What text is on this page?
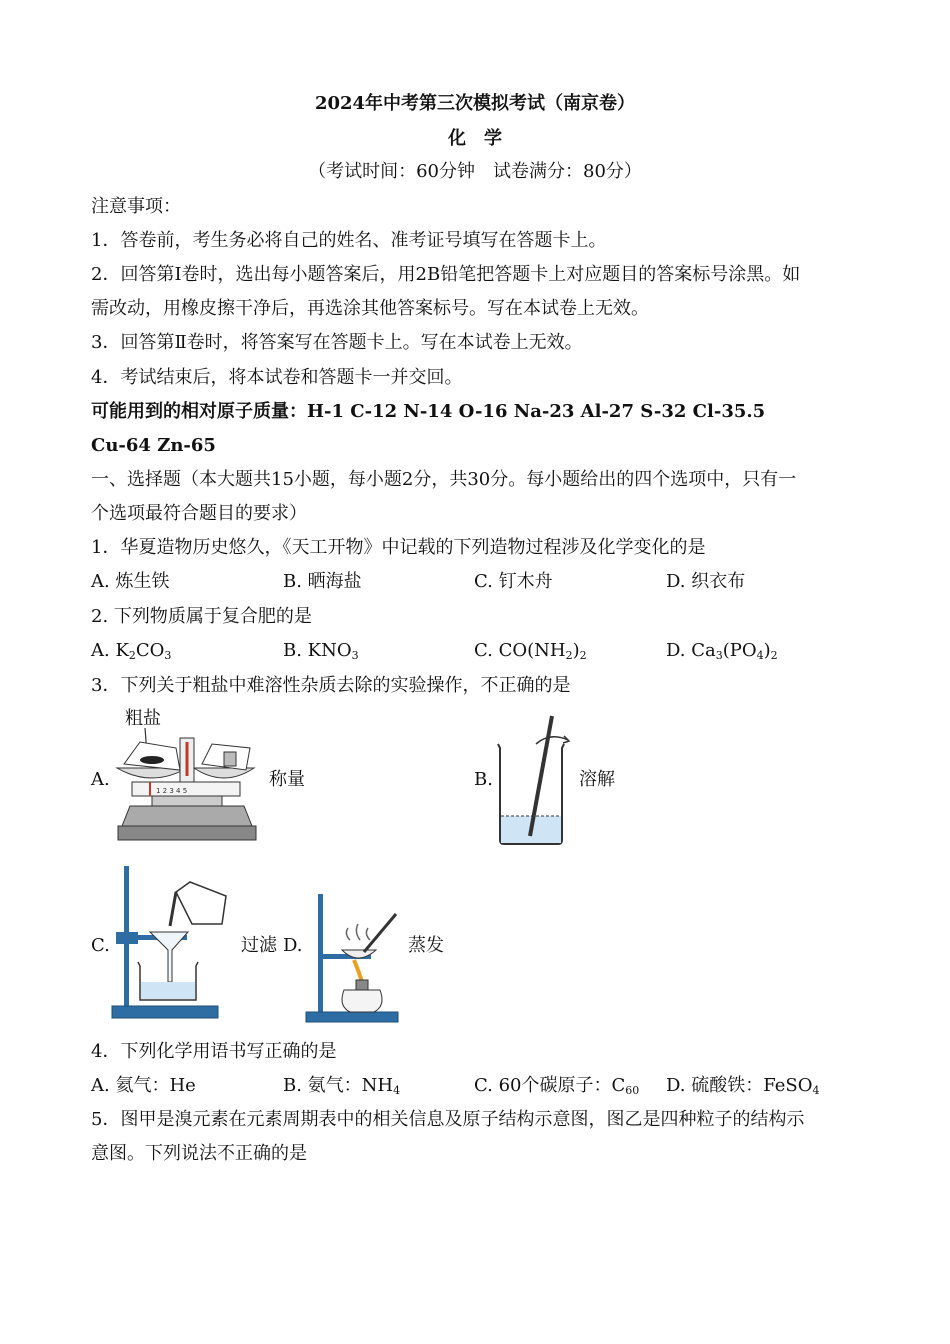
2024年中考第三次模拟考试（南京卷）
化　学
（考试时间：60分钟　试卷满分：80分）
注意事项：
1．答卷前，考生务必将自己的姓名、准考证号填写在答题卡上。
2．回答第Ⅰ卷时，选出每小题答案后，用2B铅笔把答题卡上对应题目的答案标号涂黑。如
需改动，用橡皮擦干净后，再选涂其他答案标号。写在本试卷上无效。
3．回答第Ⅱ卷时，将答案写在答题卡上。写在本试卷上无效。
4．考试结束后，将本试卷和答题卡一并交回。
可能用到的相对原子质量：H-1 C-12 N-14 O-16 Na-23 Al-27 S-32 Cl-35.5
Cu-64 Zn-65
一、选择题（本大题共15小题，每小题2分，共30分。每小题给出的四个选项中，只有一
个选项最符合题目的要求）
1．华夏造物历史悠久，《天工开物》中记载的下列造物过程涉及化学变化的是
A. 炼生铁	B. 晒海盐	C. 钉木舟	D. 织衣布
2. 下列物质属于复合肥的是
A. $K_2CO_3$	B. $KNO_3$	C. $CO(NH_2)_2$	D. $Ca_3(PO_4)_2$
3．下列关于粗盐中难溶性杂质去除的实验操作，不正确的是
A.
粗盐
1 2 3 4 5
称量	B.	溶解
C.	过滤 D.	蒸发
4．下列化学用语书写正确的是
A. 氦气：He	B. 氨气：$NH_4$	C. 60个碳原子：$C_{60}$ D. 硫酸铁：FeSO$_4$
5．图甲是溴元素在元素周期表中的相关信息及原子结构示意图，图乙是四种粒子的结构示
意图。下列说法不正确的是
